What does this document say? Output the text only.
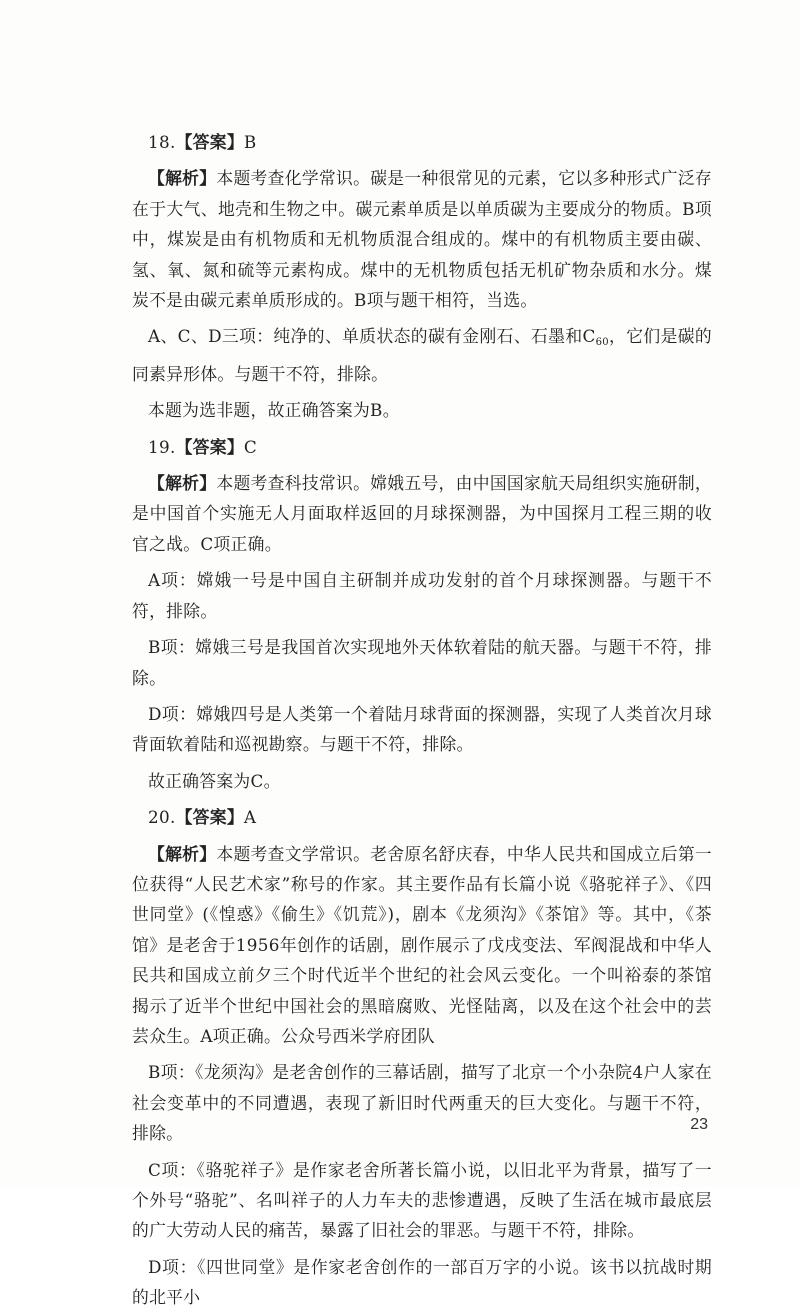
18.【答案】B

【解析】本题考查化学常识。碳是一种很常见的元素，它以多种形式广泛存在于大气、地壳和生物之中。碳元素单质是以单质碳为主要成分的物质。B项中，煤炭是由有机物质和无机物质混合组成的。煤中的有机物质主要由碳、氢、氧、氮和硫等元素构成。煤中的无机物质包括无机矿物杂质和水分。煤炭不是由碳元素单质形成的。B项与题干相符，当选。

A、C、D三项：纯净的、单质状态的碳有金刚石、石墨和$C_{60}$，它们是碳的同素异形体。与题干不符，排除。

本题为选非题，故正确答案为B。

19.【答案】C

【解析】本题考查科技常识。嫦娥五号，由中国国家航天局组织实施研制，是中国首个实施无人月面取样返回的月球探测器，为中国探月工程三期的收官之战。C项正确。

A项：嫦娥一号是中国自主研制并成功发射的首个月球探测器。与题干不符，排除。

B项：嫦娥三号是我国首次实现地外天体软着陆的航天器。与题干不符，排除。

D项：嫦娥四号是人类第一个着陆月球背面的探测器，实现了人类首次月球背面软着陆和巡视勘察。与题干不符，排除。

故正确答案为C。

20.【答案】A

【解析】本题考查文学常识。老舍原名舒庆春，中华人民共和国成立后第一位获得“人民艺术家”称号的作家。其主要作品有长篇小说《骆驼祥子》、《四世同堂》(《惶惑》《偷生》《饥荒》)，剧本《龙须沟》《茶馆》等。其中，《茶馆》是老舍于1956年创作的话剧，剧作展示了戊戌变法、军阀混战和中华人民共和国成立前夕三个时代近半个世纪的社会风云变化。一个叫裕泰的茶馆揭示了近半个世纪中国社会的黑暗腐败、光怪陆离，以及在这个社会中的芸芸众生。A项正确。公众号西米学府团队

B项：《龙须沟》是老舍创作的三幕话剧，描写了北京一个小杂院4户人家在社会变革中的不同遭遇，表现了新旧时代两重天的巨大变化。与题干不符，排除。

C项：《骆驼祥子》是作家老舍所著长篇小说，以旧北平为背景，描写了一个外号“骆驼”、名叫祥子的人力车夫的悲惨遭遇，反映了生活在城市最底层的广大劳动人民的痛苦，暴露了旧社会的罪恶。与题干不符，排除。

D项：《四世同堂》是作家老舍创作的一部百万字的小说。该书以抗战时期的北平小

23
